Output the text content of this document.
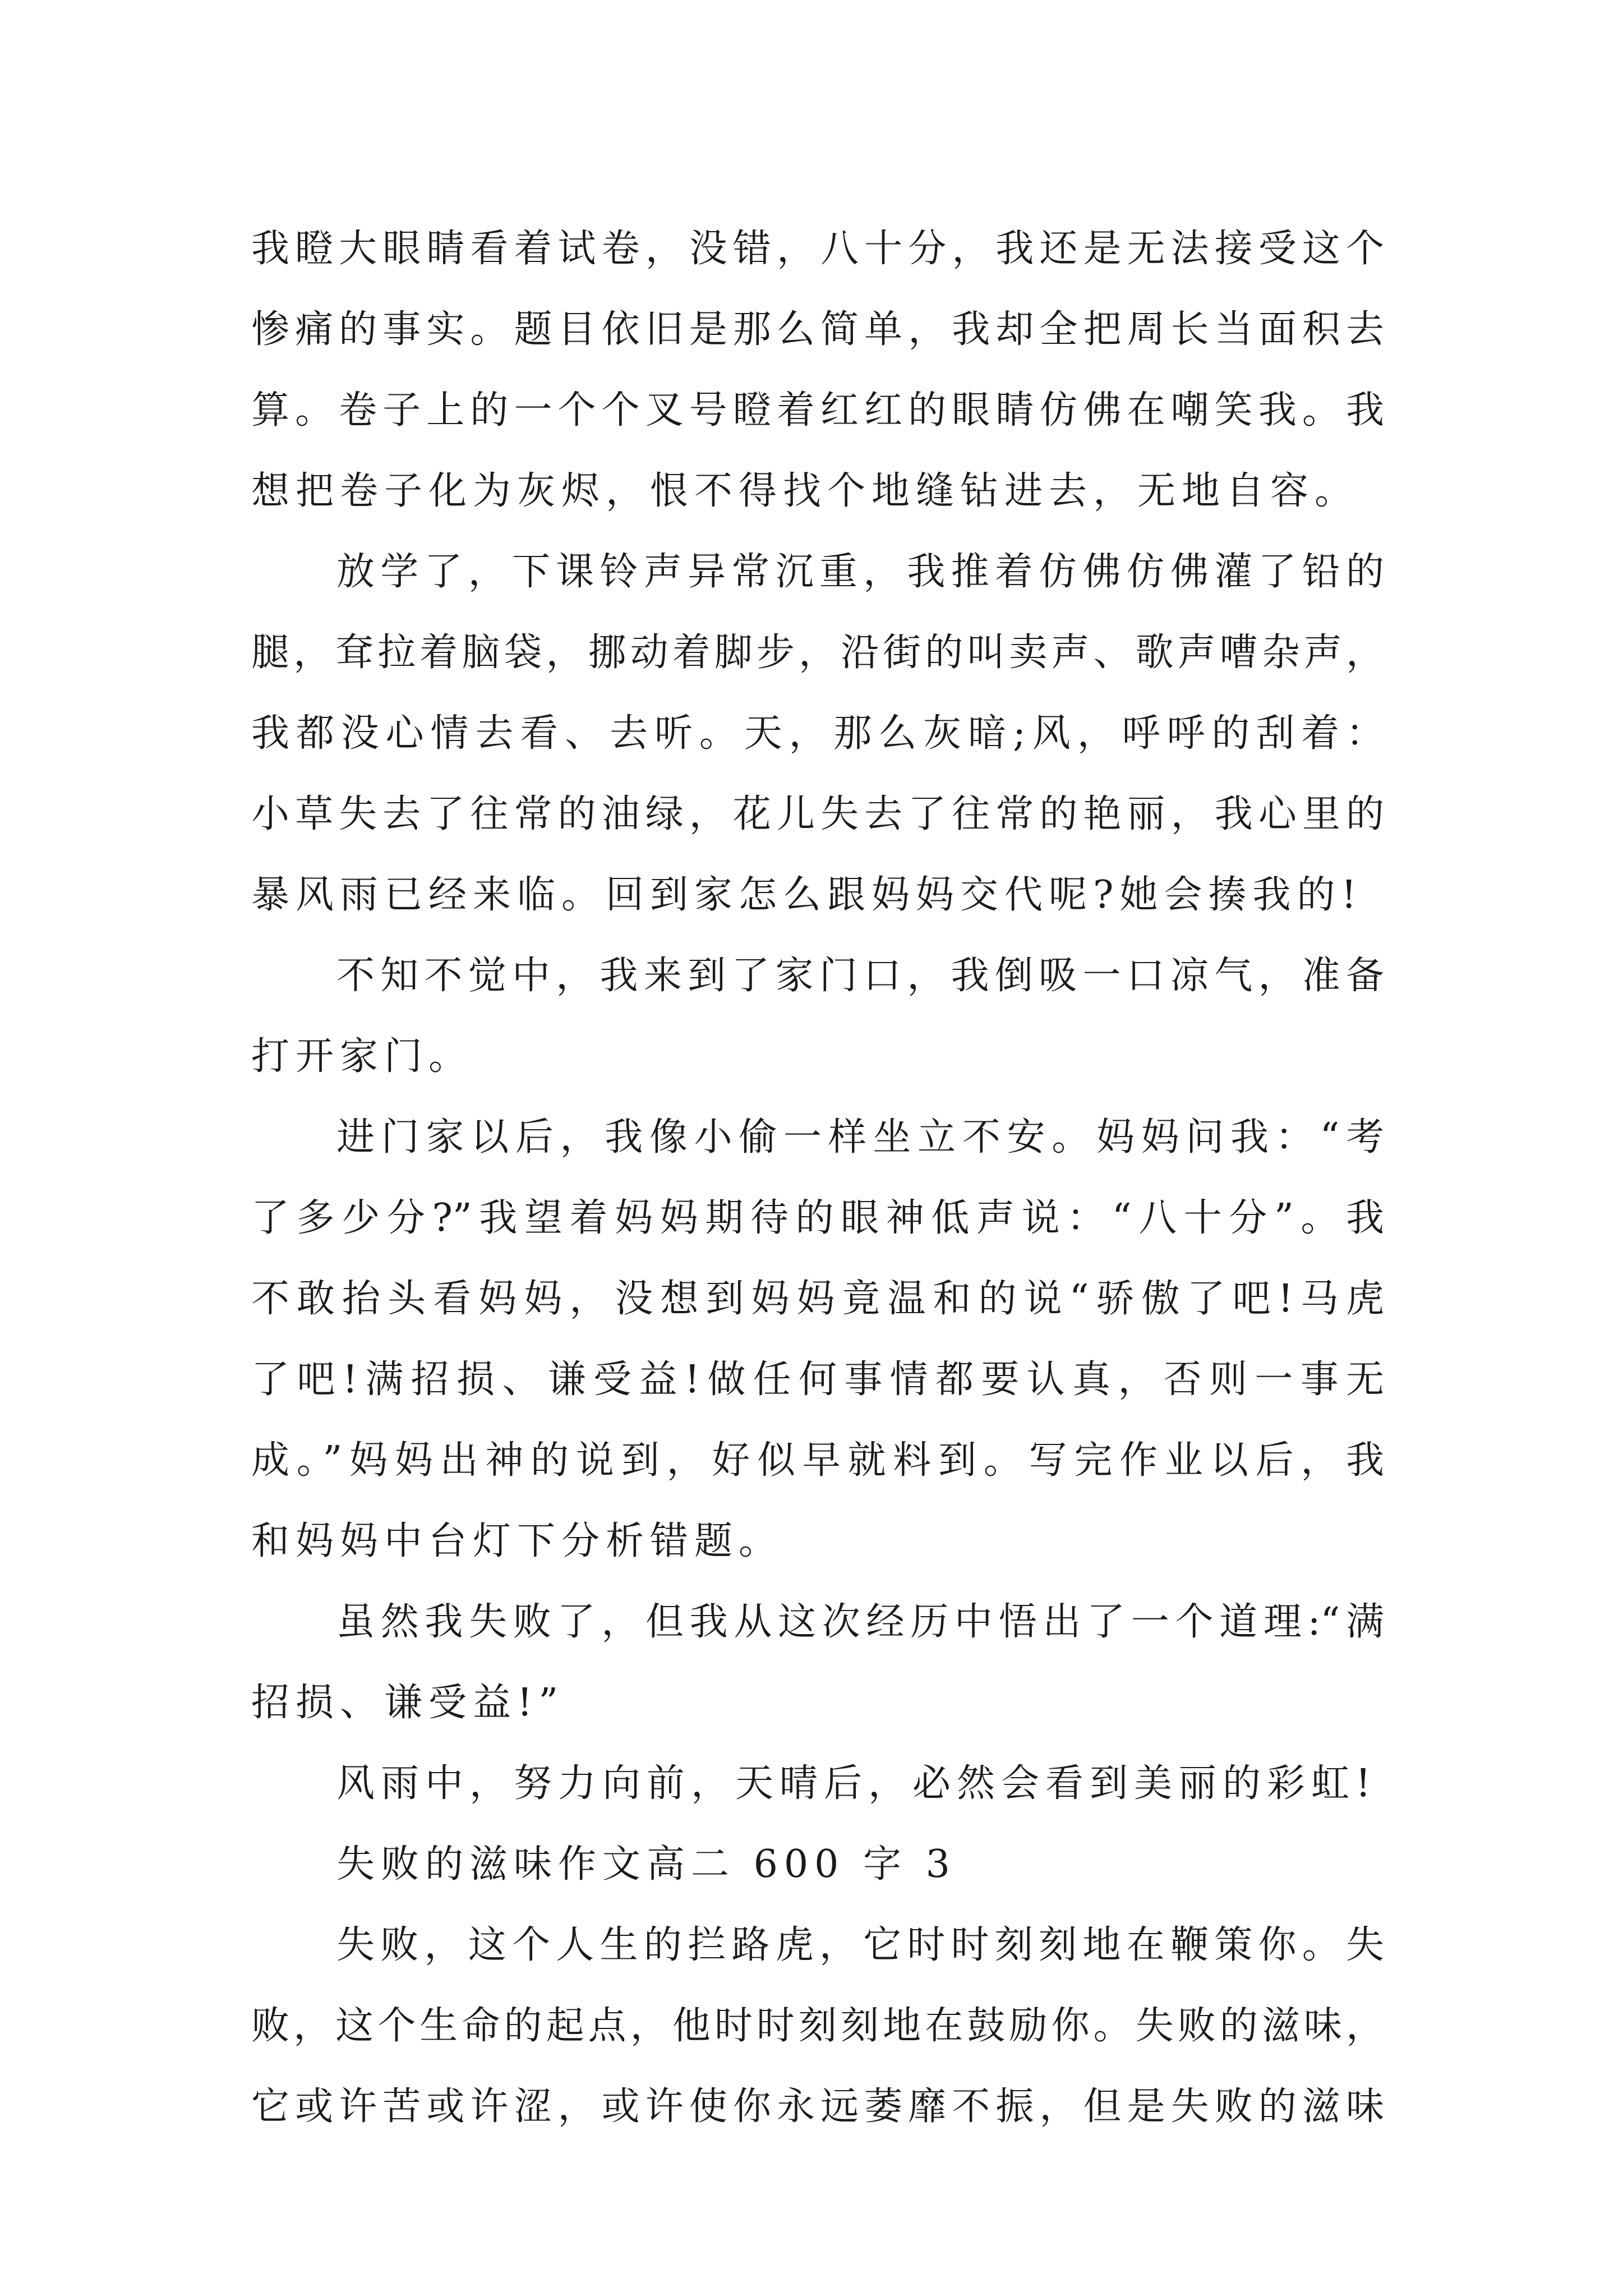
我瞪大眼睛看着试卷，没错，八十分，我还是无法接受这个
惨痛的事实。题目依旧是那么简单，我却全把周长当面积去
算。卷子上的一个个叉号瞪着红红的眼睛仿佛在嘲笑我。我
想把卷子化为灰烬，恨不得找个地缝钻进去，无地自容。
放学了，下课铃声异常沉重，我推着仿佛仿佛灌了铅的
腿，耷拉着脑袋，挪动着脚步，沿街的叫卖声、歌声嘈杂声，
我都没心情去看、去听。天，那么灰暗;风，呼呼的刮着：
小草失去了往常的油绿，花儿失去了往常的艳丽，我心里的
暴风雨已经来临。回到家怎么跟妈妈交代呢?她会揍我的!
不知不觉中，我来到了家门口，我倒吸一口凉气，准备
打开家门。
进门家以后，我像小偷一样坐立不安。妈妈问我：“考
了多少分?”我望着妈妈期待的眼神低声说：“八十分”。我
不敢抬头看妈妈，没想到妈妈竟温和的说“骄傲了吧!马虎
了吧!满招损、谦受益!做任何事情都要认真，否则一事无
成。”妈妈出神的说到，好似早就料到。写完作业以后，我
和妈妈中台灯下分析错题。
虽然我失败了，但我从这次经历中悟出了一个道理:“满
招损、谦受益!”
风雨中，努力向前，天晴后，必然会看到美丽的彩虹!
失败的滋味作文高二 600 字 3
失败，这个人生的拦路虎，它时时刻刻地在鞭策你。失
败，这个生命的起点，他时时刻刻地在鼓励你。失败的滋味，
它或许苦或许涩，或许使你永远萎靡不振，但是失败的滋味
